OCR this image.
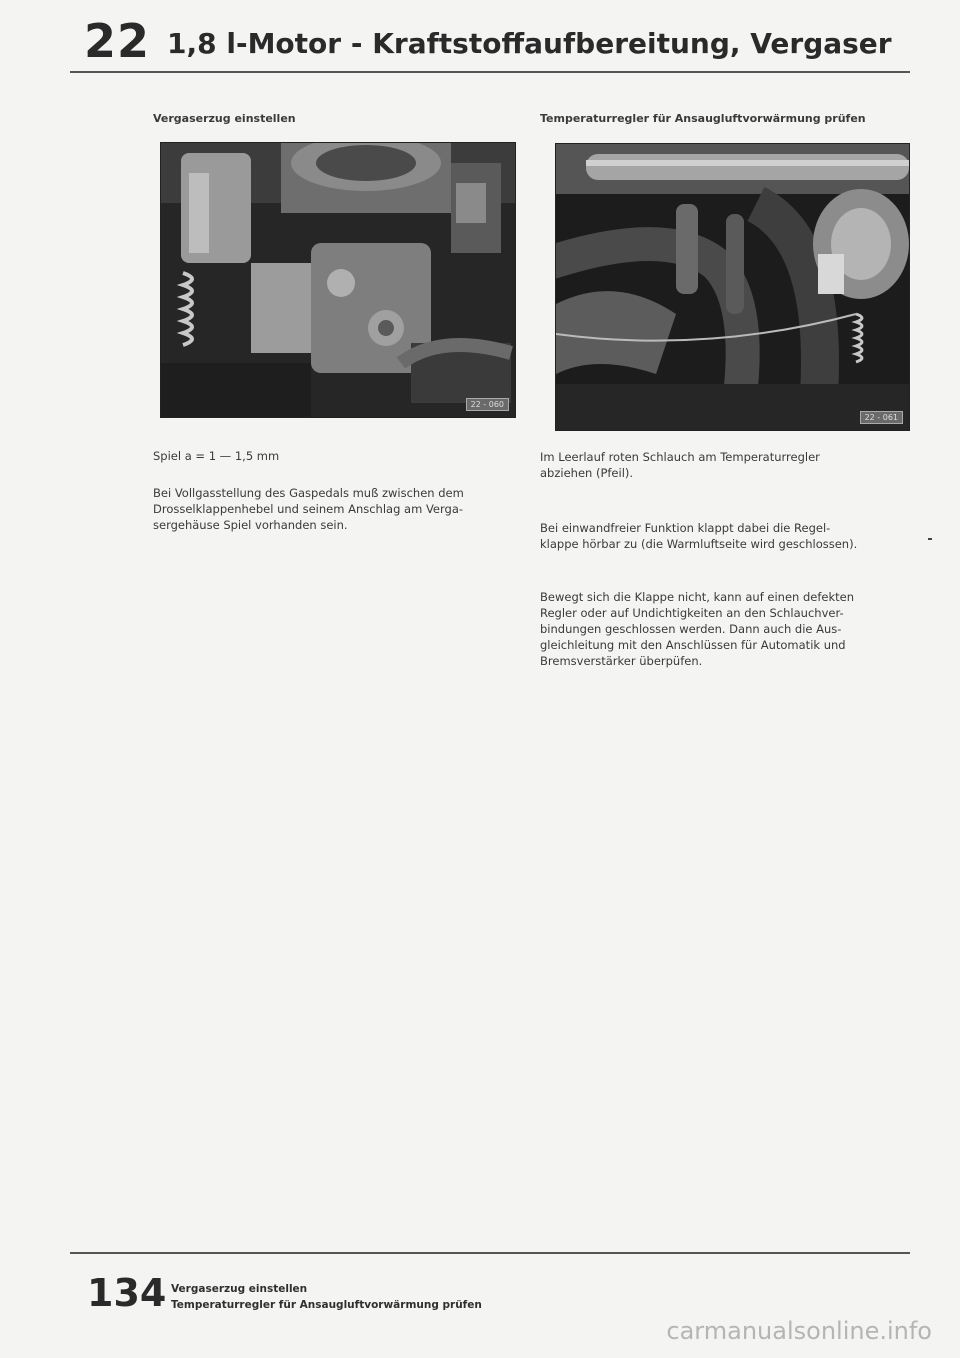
22 1,8 l-Motor - Kraftstoffaufbereitung, Vergaser
Vergaserzug einstellen	Temperaturregler für Ansaugluftvorwärmung prüfen
22 - 060
22 - 061
Spiel a = 1 — 1,5 mm
Bei Vollgasstellung des Gaspedals muß zwischen dem
Drosselklappenhebel und seinem Anschlag am Verga-
sergehäuse Spiel vorhanden sein.
Im Leerlauf roten Schlauch am Temperaturregler
abziehen (Pfeil).
Bei einwandfreier Funktion klappt dabei die Regel-
klappe hörbar zu (die Warmluftseite wird geschlossen).
Bewegt sich die Klappe nicht, kann auf einen defekten
Regler oder auf Undichtigkeiten an den Schlauchver-
bindungen geschlossen werden. Dann auch die Aus-
gleichleitung mit den Anschlüssen für Automatik und
Bremsverstärker überpüfen.
134 Vergaserzug einstellen
Temperaturregler für Ansaugluftvorwärmung prüfen
carmanualsonline.info
